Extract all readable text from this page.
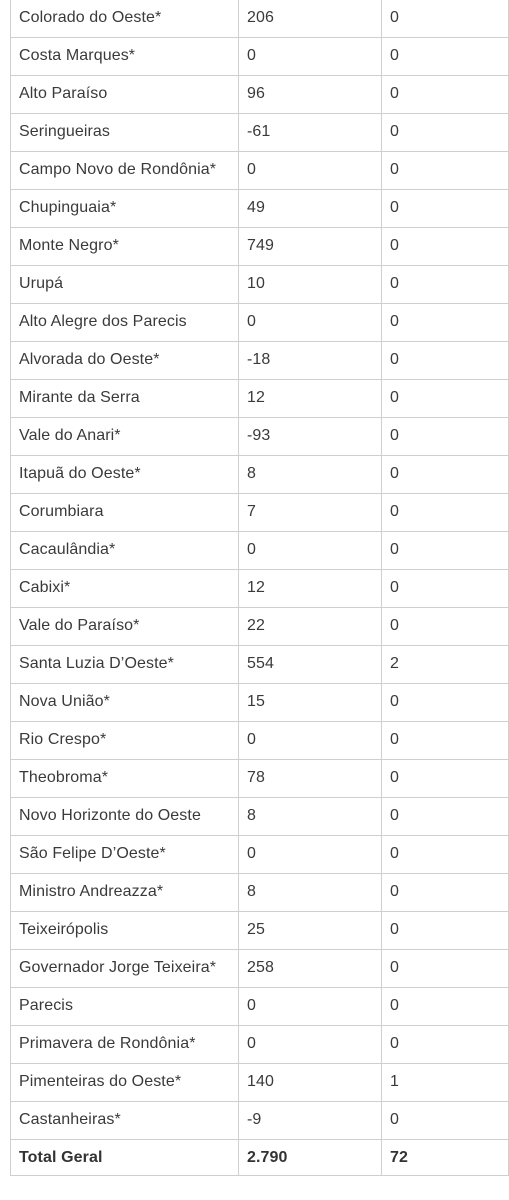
Colorado do Oeste*	206	0
Costa Marques*	0	0
Alto Paraíso	96	0
Seringueiras	-61	0
Campo Novo de Rondônia*	0	0
Chupinguaia*	49	0
Monte Negro*	749	0
Urupá	10	0
Alto Alegre dos Parecis	0	0
Alvorada do Oeste*	-18	0
Mirante da Serra	12	0
Vale do Anari*	-93	0
Itapuã do Oeste*	8	0
Corumbiara	7	0
Cacaulândia*	0	0
Cabixi*	12	0
Vale do Paraíso*	22	0
Santa Luzia D’Oeste*	554	2
Nova União*	15	0
Rio Crespo*	0	0
Theobroma*	78	0
Novo Horizonte do Oeste	8	0
São Felipe D’Oeste*	0	0
Ministro Andreazza*	8	0
Teixeirópolis	25	0
Governador Jorge Teixeira*	258	0
Parecis	0	0
Primavera de Rondônia*	0	0
Pimenteiras do Oeste*	140	1
Castanheiras*	-9	0
Total Geral	2.790	72
